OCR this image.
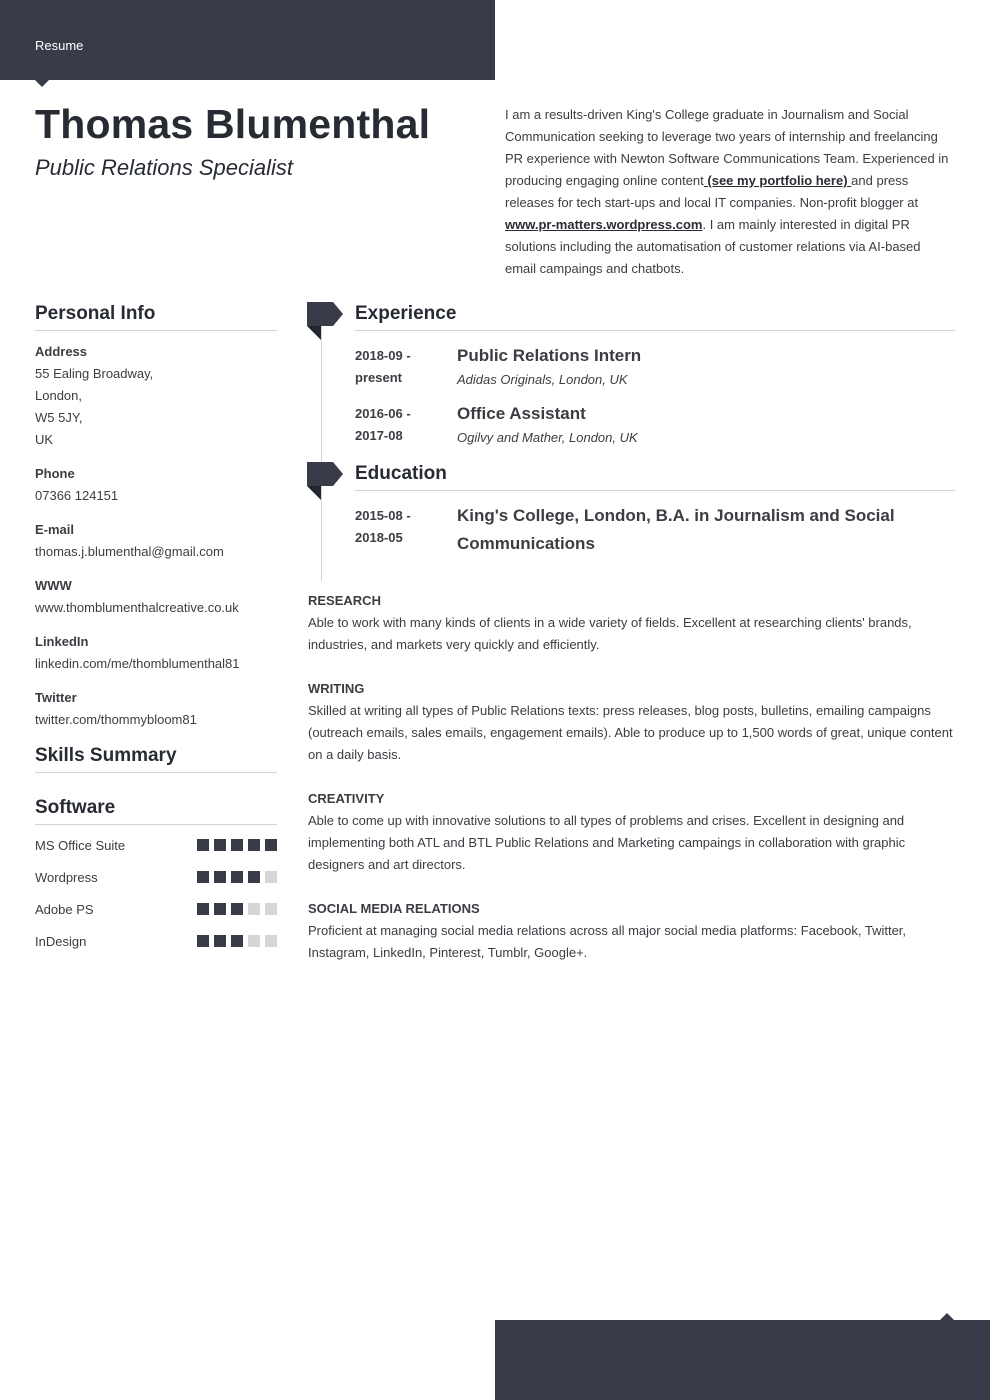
Resume
Thomas Blumenthal
Public Relations Specialist
I am a results-driven King's College graduate in Journalism and Social Communication seeking to leverage two years of internship and freelancing PR experience with Newton Software Communications Team. Experienced in producing engaging online content (see my portfolio here) and press releases for tech start-ups and local IT companies. Non-profit blogger at www.pr-matters.wordpress.com. I am mainly interested in digital PR solutions including the automatisation of customer relations via AI-based email campaings and chatbots.
Personal Info
Address
55 Ealing Broadway,
London,
W5 5JY,
UK
Phone
07366 124151
E-mail
thomas.j.blumenthal@gmail.com
WWW
www.thomblumenthalcreative.co.uk
LinkedIn
linkedin.com/me/thomblumenthal81
Twitter
twitter.com/thommybloom81
Skills Summary
Software
MS Office Suite
Wordpress
Adobe PS
InDesign
Experience
2018-09 -
present
Public Relations Intern
Adidas Originals, London, UK
2016-06 -
2017-08
Office Assistant
Ogilvy and Mather, London, UK
Education
2015-08 -
2018-05
King's College, London, B.A. in Journalism and Social Communications
RESEARCH
Able to work with many kinds of clients in a wide variety of fields. Excellent at researching clients' brands, industries, and markets very quickly and efficiently.
WRITING
Skilled at writing all types of Public Relations texts: press releases, blog posts, bulletins, emailing campaigns (outreach emails, sales emails, engagement emails). Able to produce up to 1,500 words of great, unique content on a daily basis.
CREATIVITY
Able to come up with innovative solutions to all types of problems and crises. Excellent in designing and implementing both ATL and BTL Public Relations and Marketing campaings in collaboration with graphic designers and art directors.
SOCIAL MEDIA RELATIONS
Proficient at managing social media relations across all major social media platforms: Facebook, Twitter, Instagram, LinkedIn, Pinterest, Tumblr, Google+.
